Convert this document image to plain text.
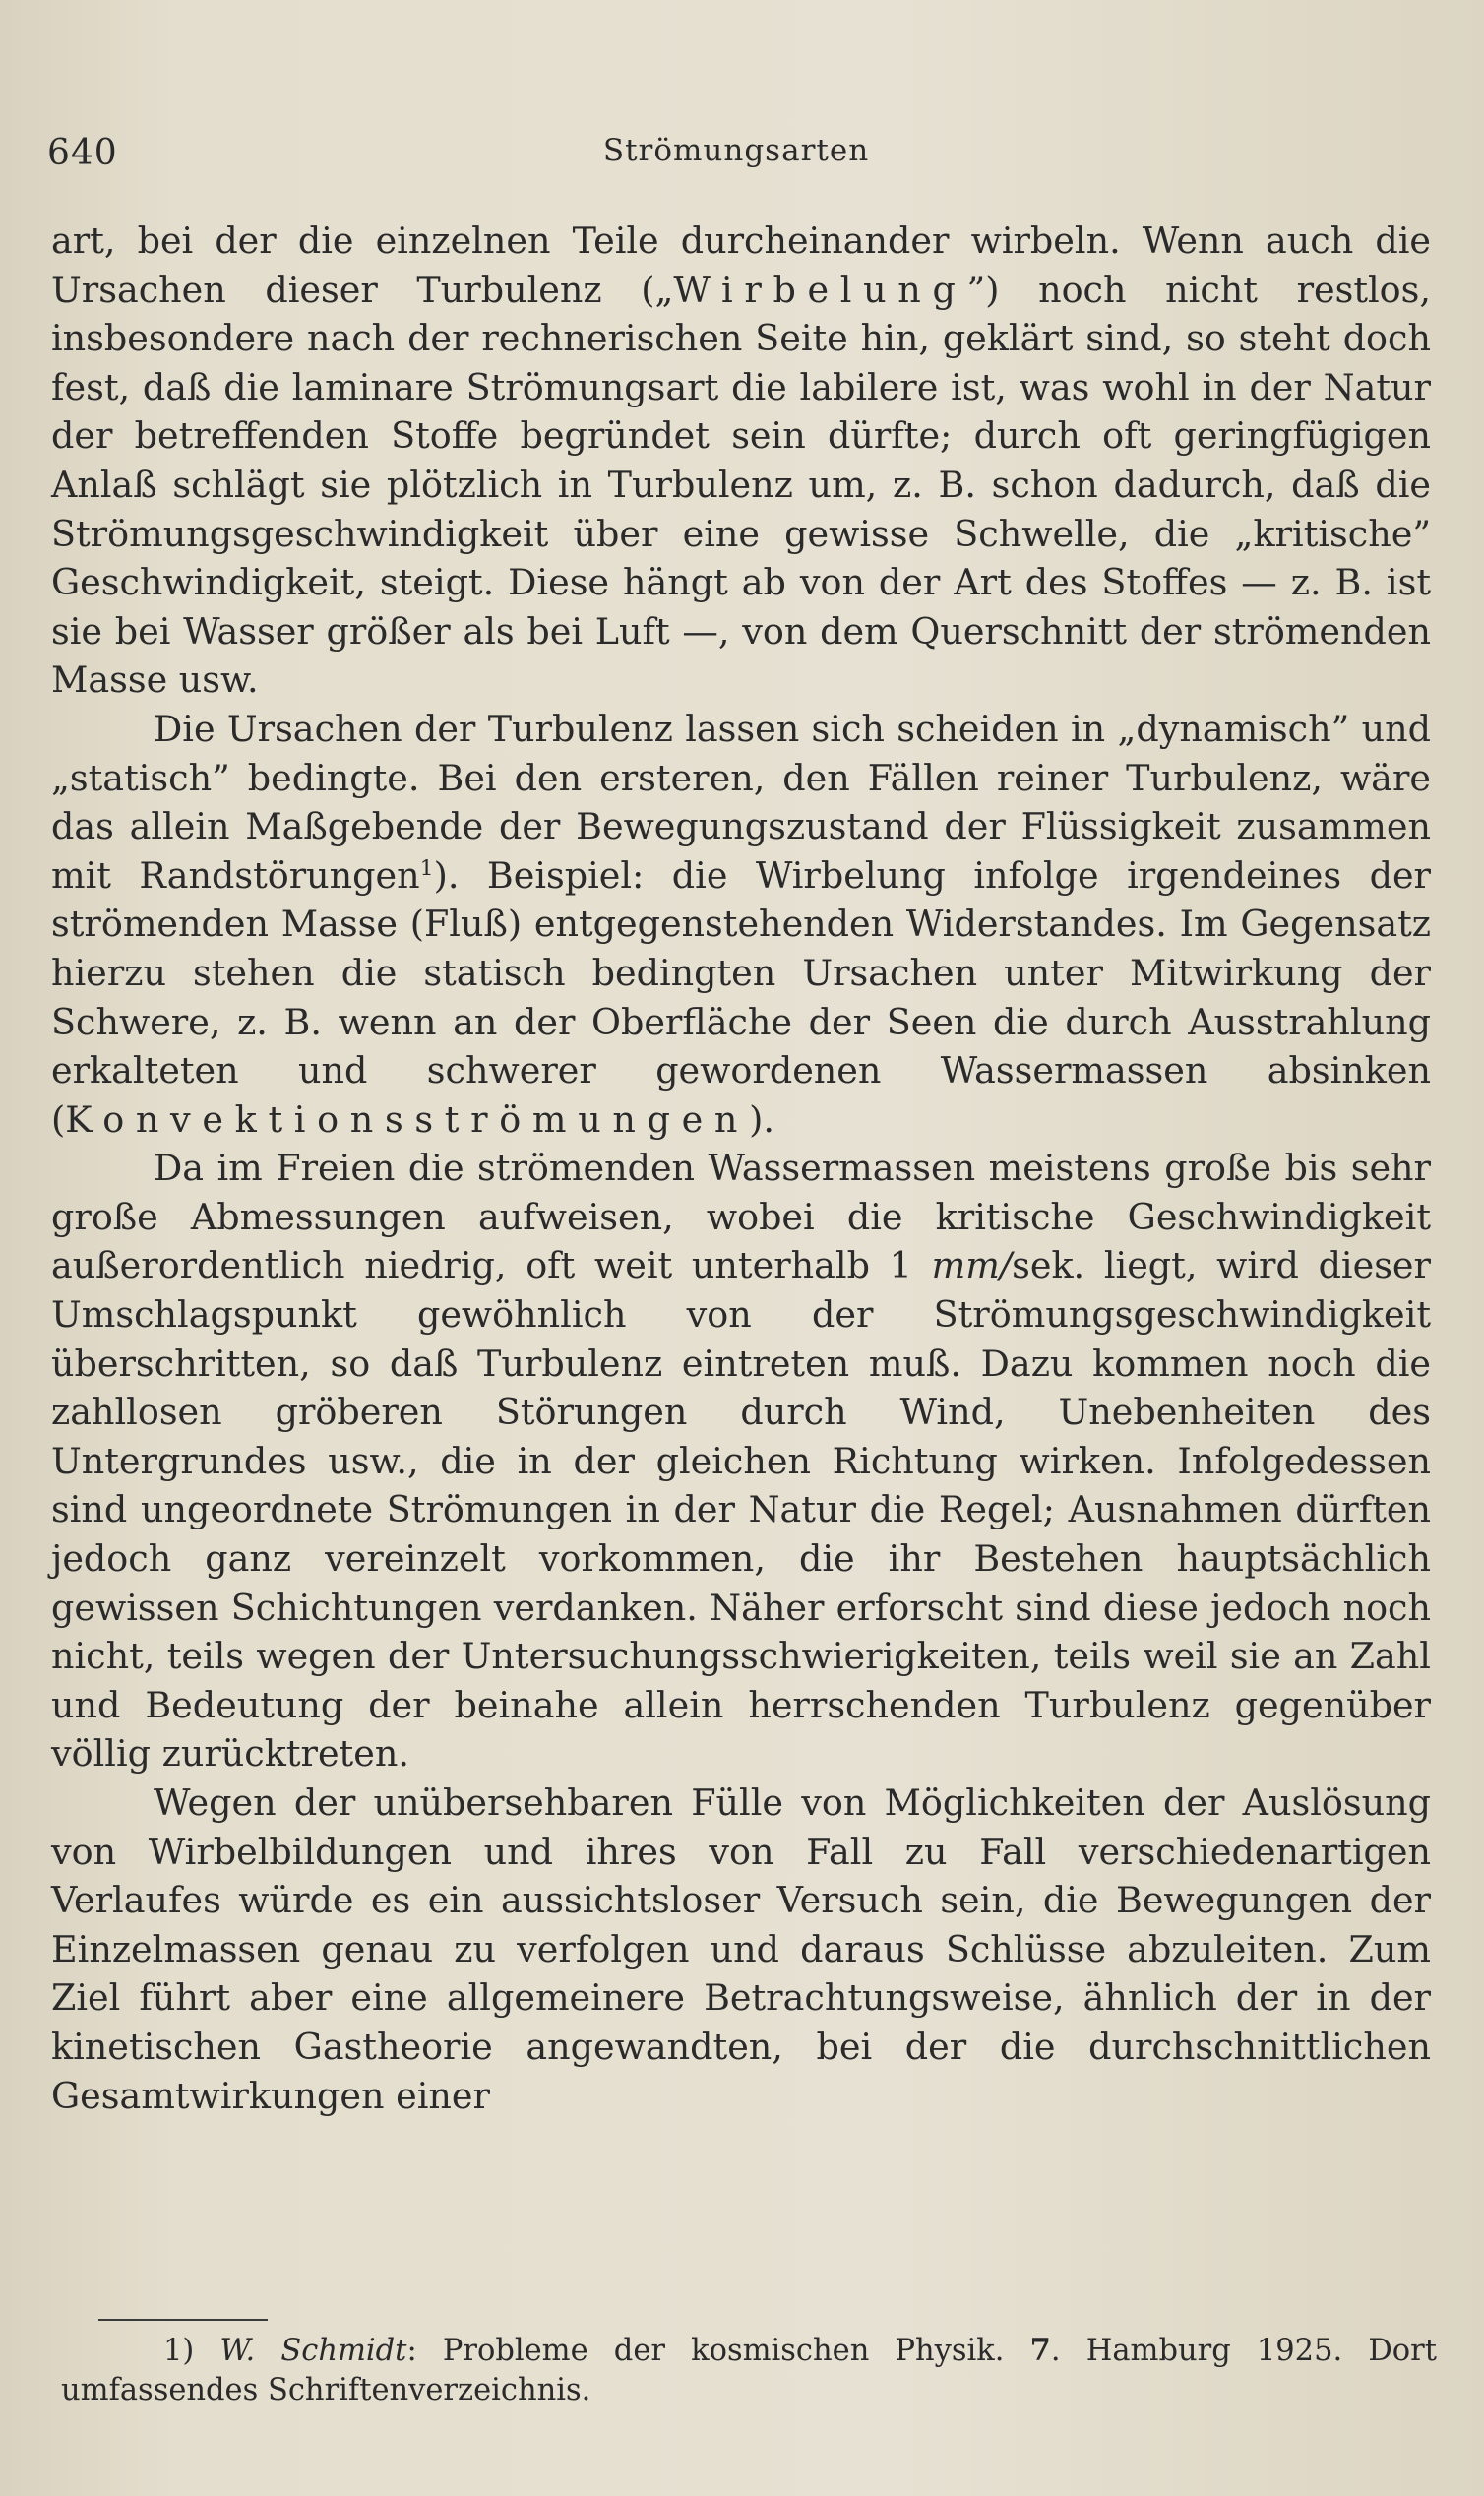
640	Strömungsarten

art, bei der die einzelnen Teile durcheinander wirbeln. Wenn auch die Ursachen dieser Turbulenz („Wirbelung”) noch nicht restlos, insbesondere nach der rechnerischen Seite hin, geklärt sind, so steht doch fest, daß die laminare Strömungsart die labilere ist, was wohl in der Natur der betreffenden Stoffe begründet sein dürfte; durch oft geringfügigen Anlaß schlägt sie plötzlich in Turbulenz um, z. B. schon dadurch, daß die Strömungsgeschwindigkeit über eine gewisse Schwelle, die „kritische” Geschwindigkeit, steigt. Diese hängt ab von der Art des Stoffes — z. B. ist sie bei Wasser größer als bei Luft —, von dem Querschnitt der strömenden Masse usw.

Die Ursachen der Turbulenz lassen sich scheiden in „dynamisch” und „statisch” bedingte. Bei den ersteren, den Fällen reiner Turbulenz, wäre das allein Maßgebende der Bewegungszustand der Flüssigkeit zusammen mit Randstörungen$^1$). Beispiel: die Wirbelung infolge irgendeines der strömenden Masse (Fluß) entgegenstehenden Widerstandes. Im Gegensatz hierzu stehen die statisch bedingten Ursachen unter Mitwirkung der Schwere, z. B. wenn an der Oberfläche der Seen die durch Ausstrahlung erkalteten und schwerer gewordenen Wassermassen absinken (Konvektionsströmungen).

Da im Freien die strömenden Wassermassen meistens große bis sehr große Abmessungen aufweisen, wobei die kritische Geschwindigkeit außerordentlich niedrig, oft weit unterhalb 1 mm/sek. liegt, wird dieser Umschlagspunkt gewöhnlich von der Strömungsgeschwindigkeit überschritten, so daß Turbulenz eintreten muß. Dazu kommen noch die zahllosen gröberen Störungen durch Wind, Unebenheiten des Untergrundes usw., die in der gleichen Richtung wirken. Infolgedessen sind ungeordnete Strömungen in der Natur die Regel; Ausnahmen dürften jedoch ganz vereinzelt vorkommen, die ihr Bestehen hauptsächlich gewissen Schichtungen verdanken. Näher erforscht sind diese jedoch noch nicht, teils wegen der Untersuchungsschwierigkeiten, teils weil sie an Zahl und Bedeutung der beinahe allein herrschenden Turbulenz gegenüber völlig zurücktreten.

Wegen der unübersehbaren Fülle von Möglichkeiten der Auslösung von Wirbelbildungen und ihres von Fall zu Fall verschiedenartigen Verlaufes würde es ein aussichtsloser Versuch sein, die Bewegungen der Einzelmassen genau zu verfolgen und daraus Schlüsse abzuleiten. Zum Ziel führt aber eine allgemeinere Betrachtungsweise, ähnlich der in der kinetischen Gastheorie angewandten, bei der die durchschnittlichen Gesamtwirkungen einer

1) W. Schmidt: Probleme der kosmischen Physik. 7. Hamburg 1925. Dort umfassendes Schriftenverzeichnis.
